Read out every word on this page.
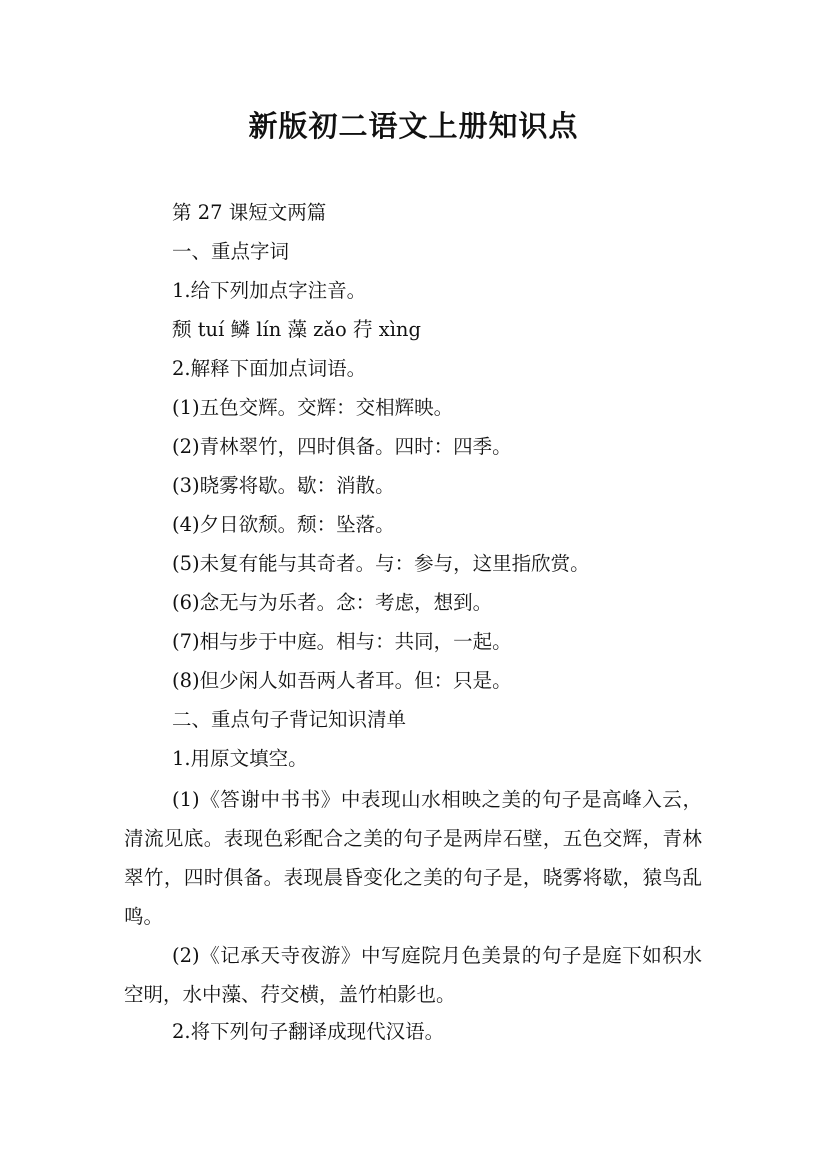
新版初二语文上册知识点

第 27 课短文两篇

一、重点字词

1.给下列加点字注音。

颓 tuí 鳞 lín 藻 zǎo 荇 xìng

2.解释下面加点词语。

(1)五色交辉。交辉：交相辉映。

(2)青林翠竹，四时俱备。四时：四季。

(3)晓雾将歇。歇：消散。

(4)夕日欲颓。颓：坠落。

(5)未复有能与其奇者。与：参与，这里指欣赏。

(6)念无与为乐者。念：考虑，想到。

(7)相与步于中庭。相与：共同，一起。

(8)但少闲人如吾两人者耳。但：只是。

二、重点句子背记知识清单

1.用原文填空。

(1)《答谢中书书》中表现山水相映之美的句子是高峰入云，清流见底。表现色彩配合之美的句子是两岸石壁，五色交辉，青林翠竹，四时俱备。表现晨昏变化之美的句子是，晓雾将歇，猿鸟乱鸣。

(2)《记承天寺夜游》中写庭院月色美景的句子是庭下如积水空明，水中藻、荇交横，盖竹柏影也。

2.将下列句子翻译成现代汉语。
